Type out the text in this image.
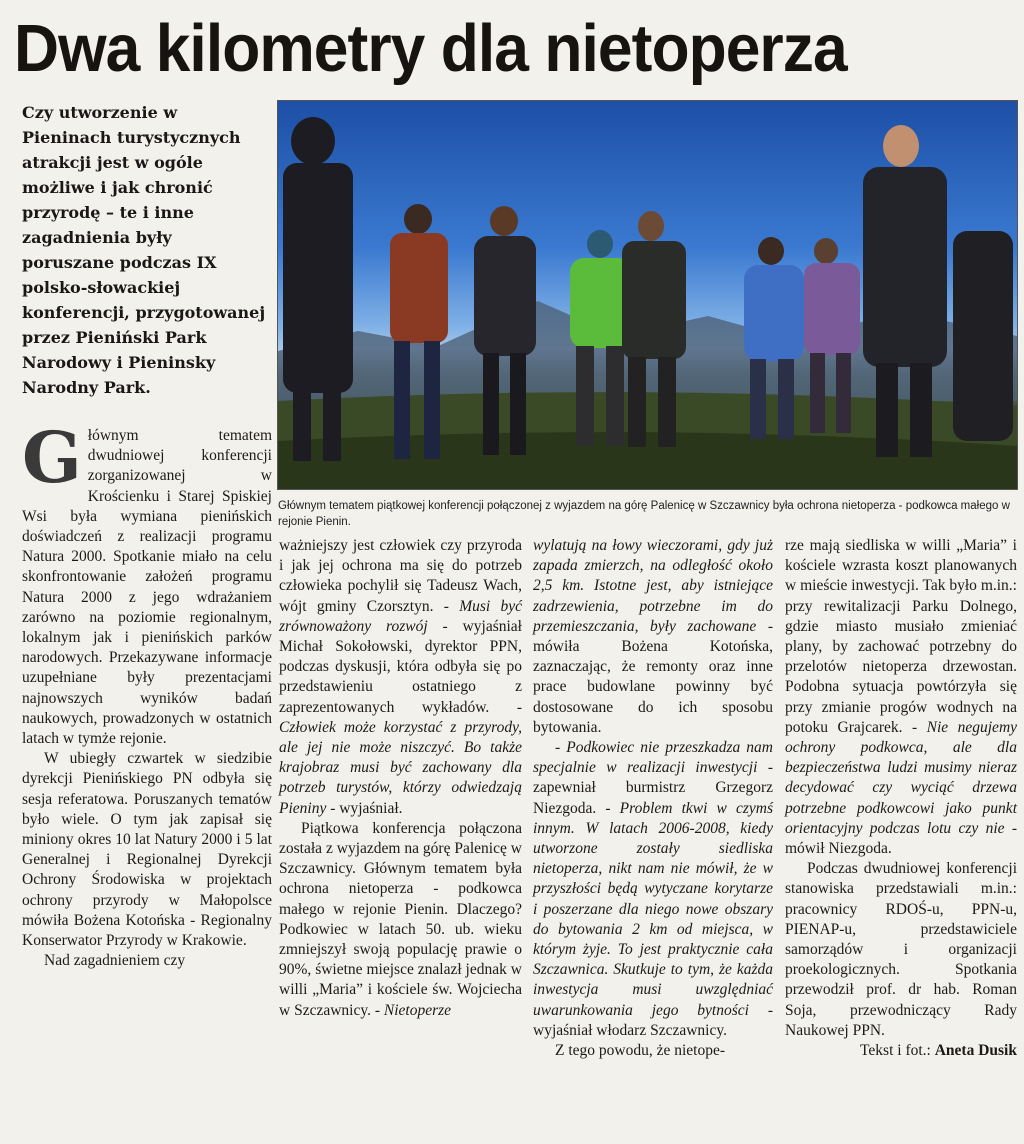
Dwa kilometry dla nietoperza

Czy utworzenie w Pieninach turystycznych atrakcji jest w ogóle możliwe i jak chronić przyrodę – te i inne zagadnienia były poruszane podczas IX polsko-słowackiej konferencji, przygotowanej przez Pieniński Park Narodowy i Pieninsky Narodny Park.

Głównym tematem piątkowej konferencji połączonej z wyjazdem na górę Palenicę w Szczawnicy była ochrona nietoperza - podkowca małego w rejonie Pienin.

Głównym tematem dwudniowej konferencji zorganizowanej w Krościenku i Starej Spiskiej Wsi była wymiana pienińskich doświadczeń z realizacji programu Natura 2000. Spotkanie miało na celu skonfrontowanie założeń programu Natura 2000 z jego wdrażaniem zarówno na poziomie regionalnym, lokalnym jak i pienińskich parków narodowych. Przekazywane informacje uzupełniane były prezentacjami najnowszych wyników badań naukowych, prowadzonych w ostatnich latach w tymże rejonie.

W ubiegły czwartek w siedzibie dyrekcji Pienińskiego PN odbyła się sesja referatowa. Poruszanych tematów było wiele. O tym jak zapisał się miniony okres 10 lat Natury 2000 i 5 lat Generalnej i Regionalnej Dyrekcji Ochrony Środowiska w projektach ochrony przyrody w Małopolsce mówiła Bożena Kotońska - Regionalny Konserwator Przyrody w Krakowie.

Nad zagadnieniem czy

ważniejszy jest człowiek czy przyroda i jak jej ochrona ma się do potrzeb człowieka pochylił się Tadeusz Wach, wójt gminy Czorsztyn. - Musi być zrównoważony rozwój - wyjaśniał Michał Sokołowski, dyrektor PPN, podczas dyskusji, która odbyła się po przedstawieniu ostatniego z zaprezentowanych wykładów. - Człowiek może korzystać z przyrody, ale jej nie może niszczyć. Bo także krajobraz musi być zachowany dla potrzeb turystów, którzy odwiedzają Pieniny - wyjaśniał.

Piątkowa konferencja połączona została z wyjazdem na górę Palenicę w Szczawnicy. Głównym tematem była ochrona nietoperza - podkowca małego w rejonie Pienin. Dlaczego? Podkowiec w latach 50. ub. wieku zmniejszył swoją populację prawie o 90%, świetne miejsce znalazł jednak w willi „Maria” i kościele św. Wojciecha w Szczawnicy. - Nietoperze

wylatują na łowy wieczorami, gdy już zapada zmierzch, na odległość około 2,5 km. Istotne jest, aby istniejące zadrzewienia, potrzebne im do przemieszczania, były zachowane - mówiła Bożena Kotońska, zaznaczając, że remonty oraz inne prace budowlane powinny być dostosowane do ich sposobu bytowania.

- Podkowiec nie przeszkadza nam specjalnie w realizacji inwestycji - zapewniał burmistrz Grzegorz Niezgoda. - Problem tkwi w czymś innym. W latach 2006-2008, kiedy utworzone zostały siedliska nietoperza, nikt nam nie mówił, że w przyszłości będą wytyczane korytarze i poszerzane dla niego nowe obszary do bytowania 2 km od miejsca, w którym żyje. To jest praktycznie cała Szczawnica. Skutkuje to tym, że każda inwestycja musi uwzględniać uwarunkowania jego bytności - wyjaśniał włodarz Szczawnicy.

Z tego powodu, że nietope-

rze mają siedliska w willi „Maria” i kościele wzrasta koszt planowanych w mieście inwestycji. Tak było m.in.: przy rewitalizacji Parku Dolnego, gdzie miasto musiało zmieniać plany, by zachować potrzebny do przelotów nietoperza drzewostan. Podobna sytuacja powtórzyła się przy zmianie progów wodnych na potoku Grajcarek. - Nie negujemy ochrony podkowca, ale dla bezpieczeństwa ludzi musimy nieraz decydować czy wyciąć drzewa potrzebne podkowcowi jako punkt orientacyjny podczas lotu czy nie - mówił Niezgoda.

Podczas dwudniowej konferencji stanowiska przedstawiali m.in.: pracownicy RDOŚ-u, PPN-u, PIENAP-u, przedstawiciele samorządów i organizacji proekologicznych. Spotkania przewodził prof. dr hab. Roman Soja, przewodniczący Rady Naukowej PPN.

Tekst i fot.: Aneta Dusik
